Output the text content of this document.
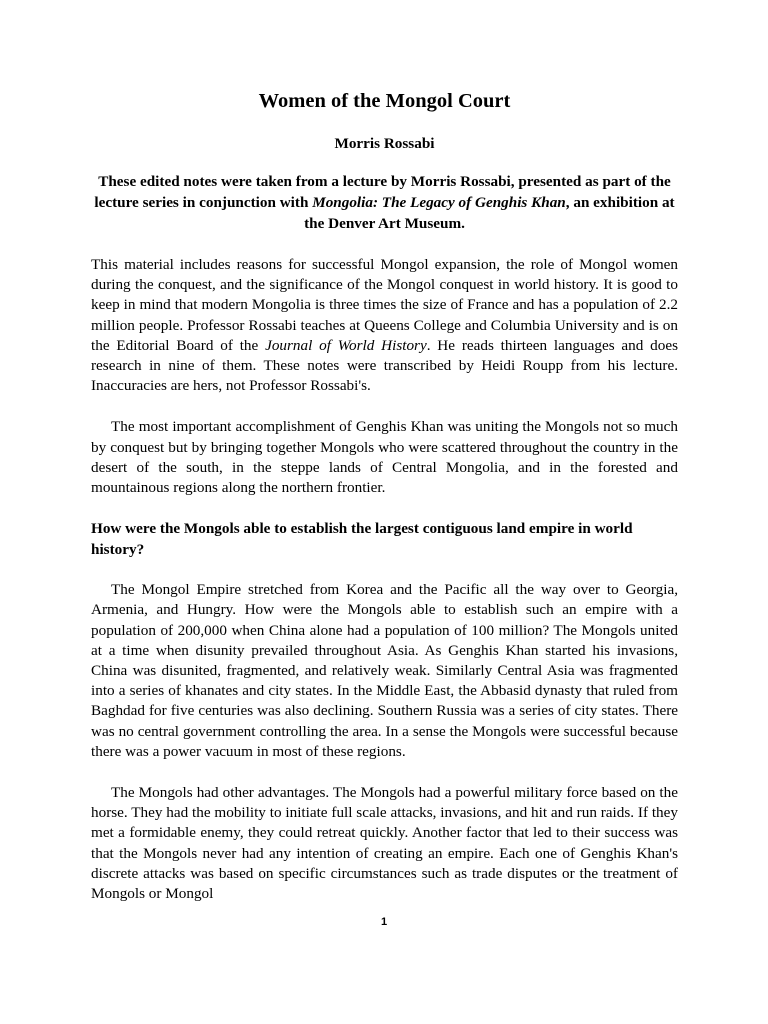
Women of the Mongol Court

Morris Rossabi

These edited notes were taken from a lecture by Morris Rossabi, presented as part of the lecture series in conjunction with Mongolia: The Legacy of Genghis Khan, an exhibition at the Denver Art Museum.

This material includes reasons for successful Mongol expansion, the role of Mongol women during the conquest, and the significance of the Mongol conquest in world history. It is good to keep in mind that modern Mongolia is three times the size of France and has a population of 2.2 million people. Professor Rossabi teaches at Queens College and Columbia University and is on the Editorial Board of the Journal of World History. He reads thirteen languages and does research in nine of them. These notes were transcribed by Heidi Roupp from his lecture. Inaccuracies are hers, not Professor Rossabi's.

The most important accomplishment of Genghis Khan was uniting the Mongols not so much by conquest but by bringing together Mongols who were scattered throughout the country in the desert of the south, in the steppe lands of Central Mongolia, and in the forested and mountainous regions along the northern frontier.

How were the Mongols able to establish the largest contiguous land empire in world history?

The Mongol Empire stretched from Korea and the Pacific all the way over to Georgia, Armenia, and Hungry. How were the Mongols able to establish such an empire with a population of 200,000 when China alone had a population of 100 million? The Mongols united at a time when disunity prevailed throughout Asia. As Genghis Khan started his invasions, China was disunited, fragmented, and relatively weak. Similarly Central Asia was fragmented into a series of khanates and city states. In the Middle East, the Abbasid dynasty that ruled from Baghdad for five centuries was also declining. Southern Russia was a series of city states. There was no central government controlling the area. In a sense the Mongols were successful because there was a power vacuum in most of these regions.

The Mongols had other advantages. The Mongols had a powerful military force based on the horse. They had the mobility to initiate full scale attacks, invasions, and hit and run raids. If they met a formidable enemy, they could retreat quickly. Another factor that led to their success was that the Mongols never had any intention of creating an empire. Each one of Genghis Khan's discrete attacks was based on specific circumstances such as trade disputes or the treatment of Mongols or Mongol

1
